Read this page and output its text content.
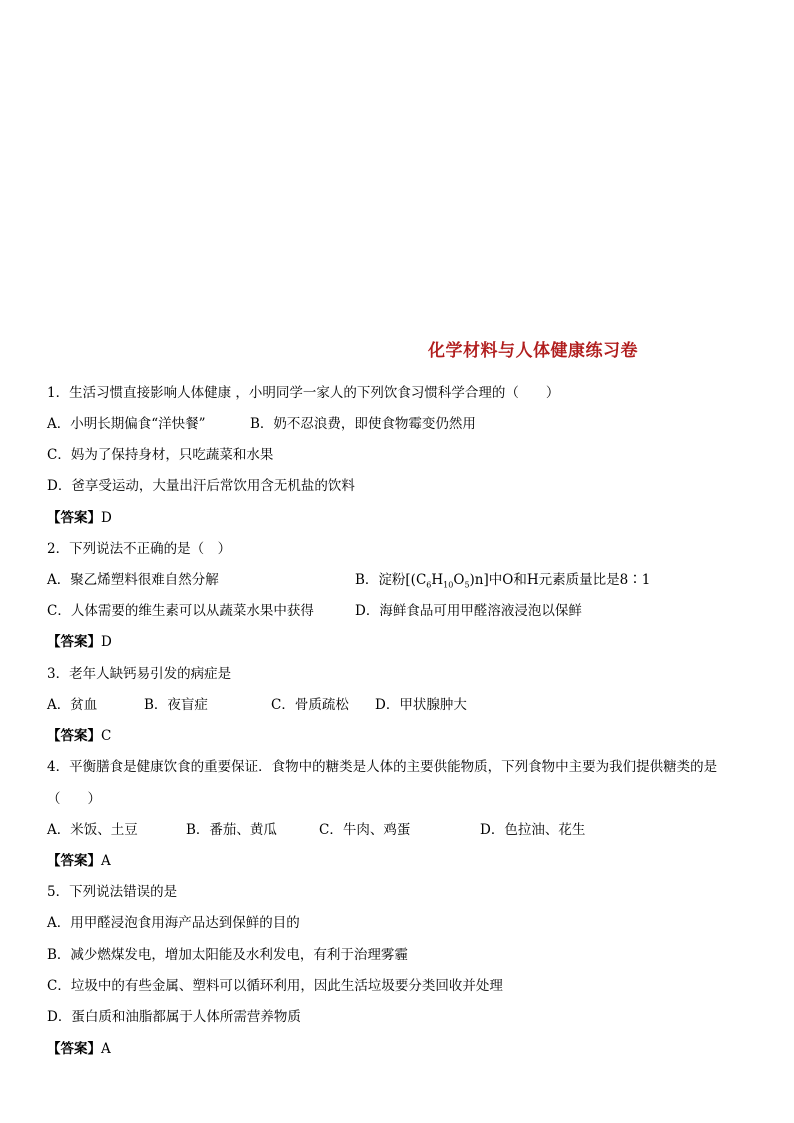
化学材料与人体健康练习卷
1．生活习惯直接影响人体健康 ，小明同学一家人的下列饮食习惯科学合理的（　　）
A．小明长期偏食“洋快餐”	B．奶不忍浪费，即使食物霉变仍然用
C．妈为了保持身材，只吃蔬菜和水果
D．爸享受运动，大量出汗后常饮用含无机盐的饮料
【答案】D
2．下列说法不正确的是（　）
A．聚乙烯塑料很难自然分解	B．淀粉$[(C_6H_{10}O_5)n]$中O和H元素质量比是8∶1
C．人体需要的维生素可以从蔬菜水果中获得	D．海鲜食品可用甲醛溶液浸泡以保鲜
【答案】D
3．老年人缺钙易引发的病症是
A．贫血	B．夜盲症	C．骨质疏松 D．甲状腺肿大
【答案】C
4．平衡膳食是健康饮食的重要保证．食物中的糖类是人体的主要供能物质，下列食物中主要为我们提供糖类的是
（　　）
A．米饭、土豆	B．番茄、黄瓜	C．牛肉、鸡蛋	D．色拉油、花生
【答案】A
5．下列说法错误的是
A．用甲醛浸泡食用海产品达到保鲜的目的
B．减少燃煤发电，增加太阳能及水利发电，有利于治理雾霾
C．垃圾中的有些金属、塑料可以循环利用，因此生活垃圾要分类回收并处理
D．蛋白质和油脂都属于人体所需营养物质
【答案】A
